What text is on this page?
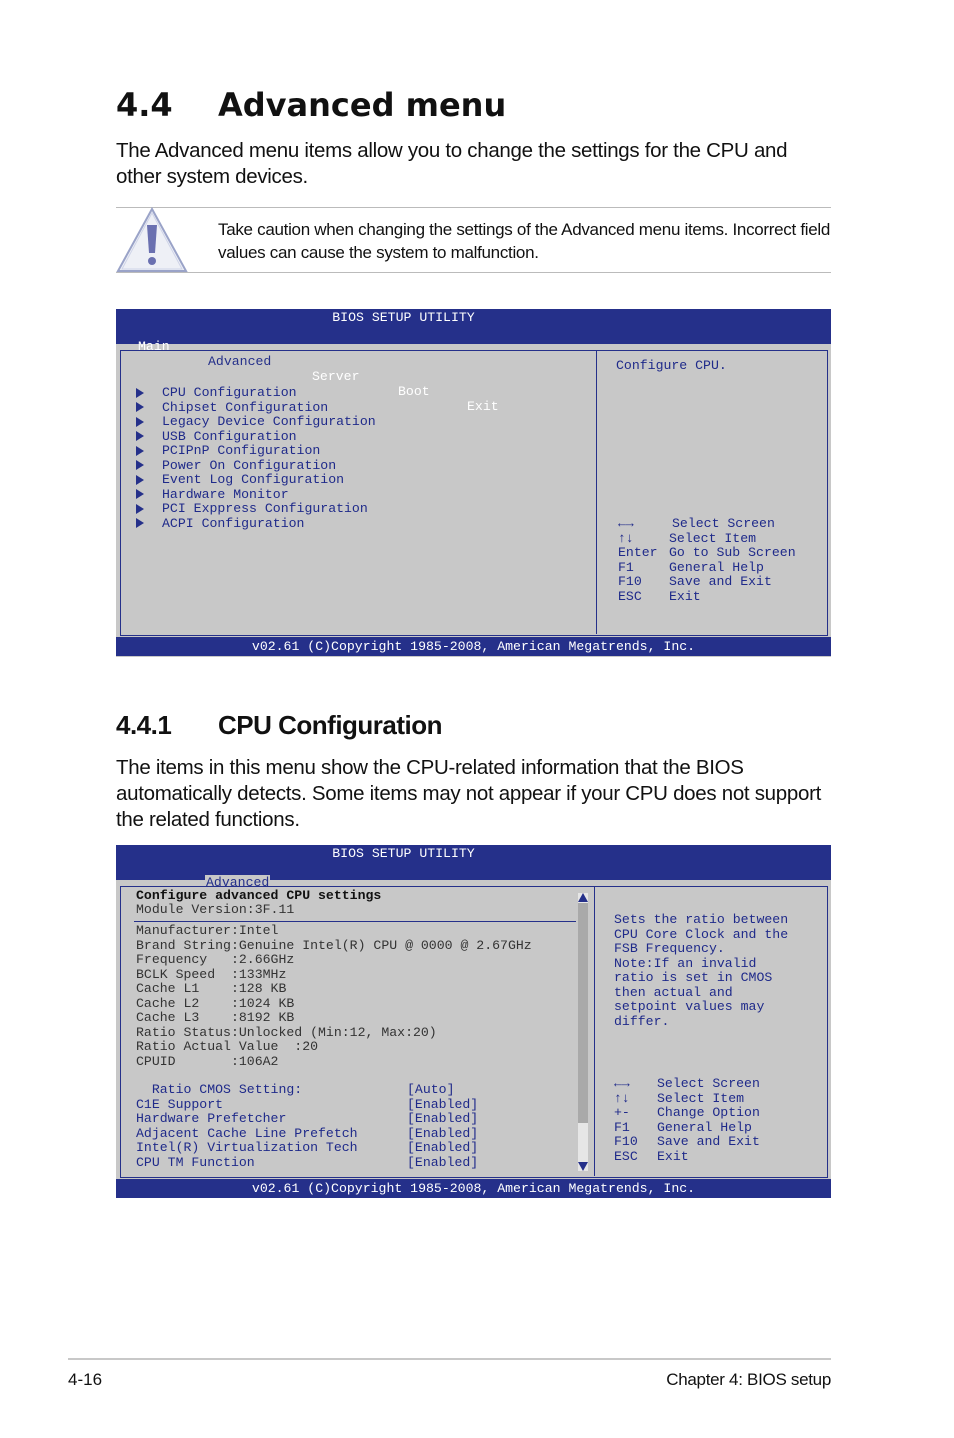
4.4 Advanced menu

The Advanced menu items allow you to change the settings for the CPU and other system devices.

Take caution when changing the settings of the Advanced menu items. Incorrect field values can cause the system to malfunction.
BIOS SETUP UTILITY

Main

Advanced

Server

Boot

Exit

CPU Configuration
Chipset Configuration
Legacy Device Configuration
USB Configuration
PCIPnP Configuration
Power On Configuration
Event Log Configuration
Hardware Monitor
PCI Exppress Configuration
ACPI Configuration
Configure CPU.
←→	Select Screen
↑↓	Select Item
Enter Go to Sub Screen
F1	General Help
F10 Save and Exit
ESC Exit
v02.61 (C)Copyright 1985-2008, American Megatrends, Inc.
4.4.1 CPU Configuration

The items in this menu show the CPU-related information that the BIOS automatically detects. Some items may not appear if your CPU does not support the related functions.

BIOS SETUP UTILITY

Advanced

Configure advanced CPU settings
Module Version:3F.11
Manufacturer:Intel
Brand String:Genuine Intel(R) CPU @ 0000 @ 2.67GHz
Frequency   :2.66GHz
BCLK Speed  :133MHz
Cache L1    :128 KB
Cache L2    :1024 KB
Cache L3    :8192 KB
Ratio Status:Unlocked (Min:12, Max:20)
Ratio Actual Value  :20
CPUID       :106A2
Ratio CMOS Setting:	[Auto]
C1E Support	[Enabled]
Hardware Prefetcher	[Enabled]
Adjacent Cache Line Prefetch	[Enabled]
Intel(R) Virtualization Tech	[Enabled]
CPU TM Function	[Enabled]
Sets the ratio between
CPU Core Clock and the
FSB Frequency.
Note:If an invalid
ratio is set in CMOS
then actual and
setpoint values may
differ.
←→ Select Screen
↑↓ Select Item
+- Change Option
F1 General Help
F10 Save and Exit
ESC Exit
v02.61 (C)Copyright 1985-2008, American Megatrends, Inc.
4-16	Chapter 4: BIOS setup
